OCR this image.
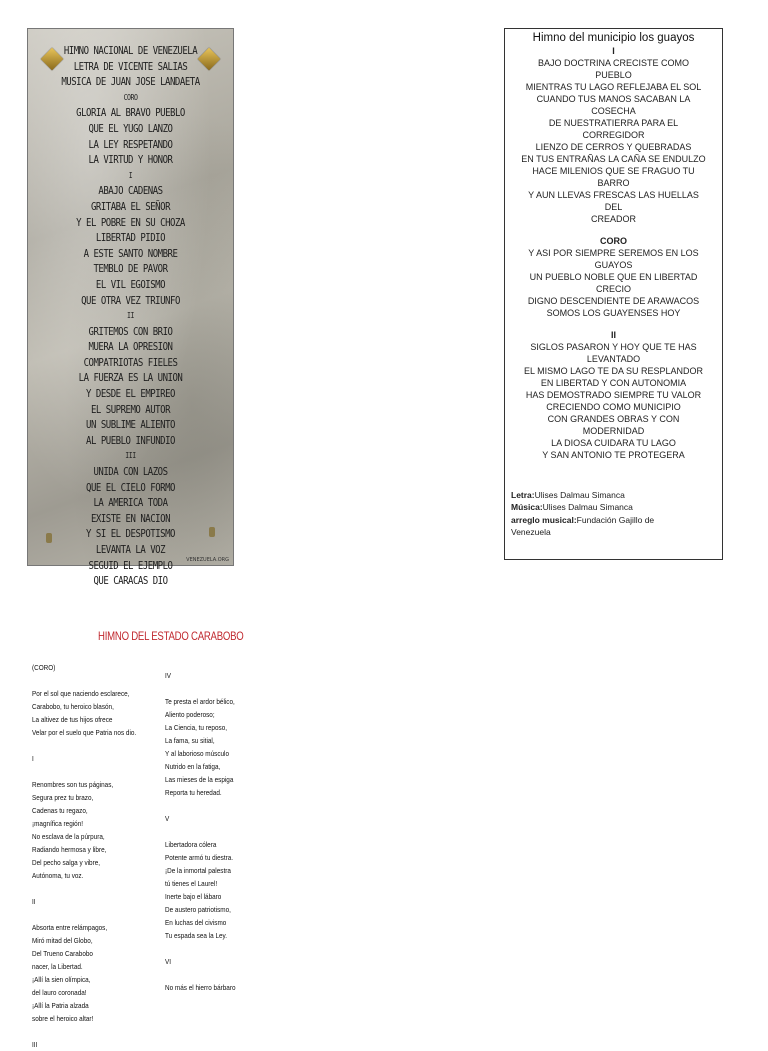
HIMNO NACIONAL DE VENEZUELA
LETRA DE VICENTE SALIAS
MUSICA DE JUAN JOSE LANDAETA
CORO
GLORIA AL BRAVO PUEBLO
QUE EL YUGO LANZO
LA LEY RESPETANDO
LA VIRTUD Y HONOR
I
ABAJO CADENAS
GRITABA EL SEÑOR
Y EL POBRE EN SU CHOZA
LIBERTAD PIDIO
A ESTE SANTO NOMBRE
TEMBLO DE PAVOR
EL VIL EGOISMO
QUE OTRA VEZ TRIUNFO
II
GRITEMOS CON BRIO
MUERA LA OPRESION
COMPATRIOTAS FIELES
LA FUERZA ES LA UNION
Y DESDE EL EMPIREO
EL SUPREMO AUTOR
UN SUBLIME ALIENTO
AL PUEBLO INFUNDIO
III
UNIDA CON LAZOS
QUE EL CIELO FORMO
LA AMERICA TODA
EXISTE EN NACION
Y SI EL DESPOTISMO
LEVANTA LA VOZ
SEGUID EL EJEMPLO
QUE CARACAS DIO
VENEZUELA.ORG
Himno del municipio los guayos
I
BAJO DOCTRINA CRECISTE COMO
PUEBLO
MIENTRAS TU LAGO REFLEJABA EL SOL
CUANDO TUS MANOS SACABAN LA
COSECHA
DE NUESTRATIERRA PARA EL
CORREGIDOR
LIENZO DE CERROS Y QUEBRADAS
EN TUS ENTRAÑAS LA CAÑA SE ENDULZO
HACE MILENIOS QUE SE FRAGUO TU
BARRO
Y AUN LLEVAS FRESCAS LAS HUELLAS
DEL
CREADOR
CORO
Y ASI POR SIEMPRE SEREMOS EN LOS
GUAYOS
UN PUEBLO NOBLE QUE EN LIBERTAD
CRECIO
DIGNO DESCENDIENTE DE ARAWACOS
SOMOS LOS GUAYENSES HOY
II
SIGLOS PASARON Y HOY QUE TE HAS
LEVANTADO
EL MISMO LAGO TE DA SU RESPLANDOR
EN LIBERTAD Y CON AUTONOMIA
HAS DEMOSTRADO SIEMPRE TU VALOR
CRECIENDO COMO MUNICIPIO
CON GRANDES OBRAS Y CON
MODERNIDAD
LA DIOSA CUIDARA TU LAGO
Y SAN ANTONIO TE PROTEGERA
Letra:Ulises Dalmau Simanca
Música:Ulises Dalmau Simanca
arreglo musical:Fundación Gajillo de
Venezuela
HIMNO DEL ESTADO CARABOBO
(CORO)
Por el sol que naciendo esclarece,
Carabobo, tu heroico blasón,
La altivez de tus hijos ofrece
Velar por el suelo que Patria nos dio.
I
Renombres son tus páginas,
Segura prez tu brazo,
Cadenas tu regazo,
¡magnífica región!
No esclava de la púrpura,
Radiando hermosa y libre,
Del pecho salga y vibre,
Autónoma, tu voz.
II
Absorta entre relámpagos,
Miró mitad del Globo,
Del Trueno Carabobo
nacer, la Libertad.
¡Allí la sien olímpica,
del lauro coronada!
¡Allí la Patria alzada
sobre el heroico altar!
III
IV
Te presta el ardor bélico,
Aliento poderoso;
La Ciencia, tu reposo,
La fama, su sitial,
Y al laborioso músculo
Nutrido en la fatiga,
Las mieses de la espiga
Reporta tu heredad.
V
Libertadora cólera
Potente armó tu diestra.
¡De la inmortal palestra
tú tienes el Laurel!
Inerte bajo el lábaro
De austero patriotismo,
En luchas del civismo
Tu espada sea la Ley.
VI
No más el hierro bárbaro
